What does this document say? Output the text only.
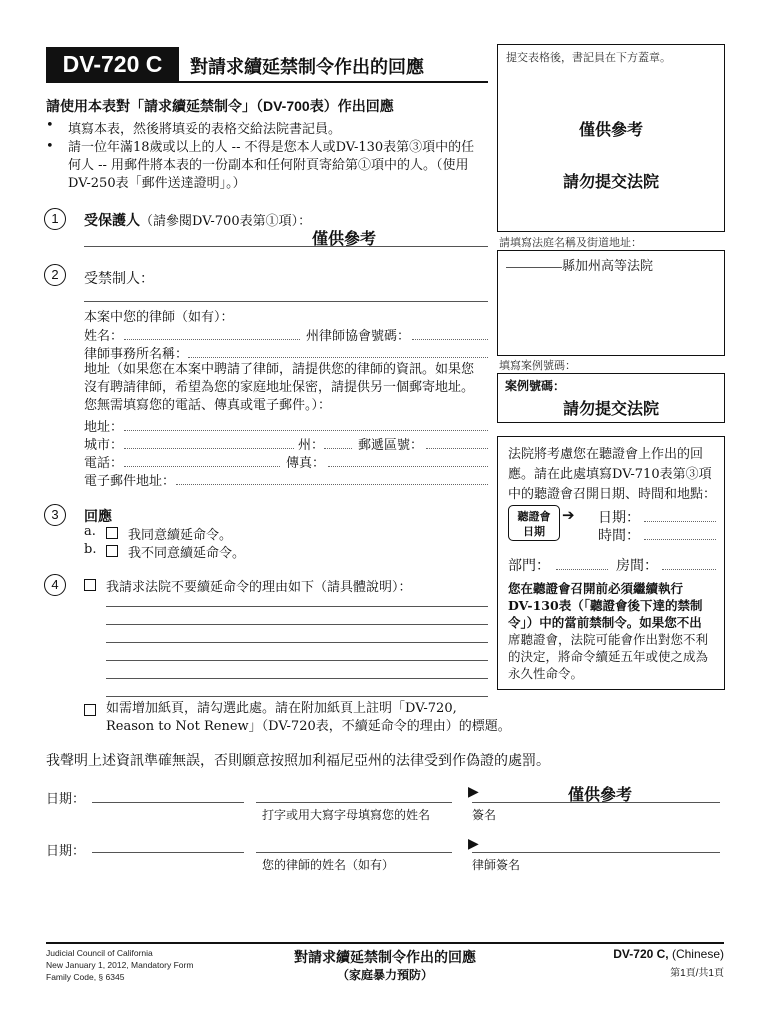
DV-720 C	對請求續延禁制令作出的回應	提交表格後，書記員在下方蓋章。
僅供參考
請勿提交法院
請填寫法庭名稱及街道地址：
縣加州高等法院
填寫案例號碼：
案例號碼：
請勿提交法院
法院將考慮您在聽證會上作出的回
應。請在此處填寫DV-710表第③項
中的聽證會召開日期、時間和地點：
聽證會
日期
➔ 日期：
時間：
部門：	房間：
您在聽證會召開前必須繼續執行
DV-130表（「聽證會後下達的禁制
令」）中的當前禁制令。如果您不出
席聽證會，法院可能會作出對您不利
的決定，將命令續延五年或使之成為
永久性命令。
請使用本表對「請求續延禁制令」（DV-700表）作出回應
• 填寫本表，然後將填妥的表格交給法院書記員。
• 請一位年滿18歲或以上的人 -- 不得是您本人或DV-130表第③項中的任
何人 -- 用郵件將本表的一份副本和任何附頁寄給第①項中的人。（使用
DV-250表「郵件送達證明」。）
1	受保護人（請參閱DV-700表第①項）：
僅供參考
2	受禁制人：
本案中您的律師（如有）：
姓名：	州律師協會號碼：
律師事務所名稱：
地址（如果您在本案中聘請了律師，請提供您的律師的資訊。如果您
沒有聘請律師，希望為您的家庭地址保密，請提供另一個郵寄地址。
您無需填寫您的電話、傳真或電子郵件。）：
地址：
城市：	州：	郵遞區號：
電話：	傳真：
電子郵件地址：
3	回應
a. 我同意續延命令。
b. 我不同意續延命令。
4	我請求法院不要續延命令的理由如下（請具體說明）：
如需增加紙頁，請勾選此處。請在附加紙頁上註明「DV-720,
Reason to Not Renew」（DV-720表，不續延命令的理由）的標題。
我聲明上述資訊準確無誤，否則願意按照加利福尼亞州的法律受到作偽證的處罰。
日期：
打字或用大寫字母填寫您的姓名
▶	僅供參考
簽名
日期：
您的律師的姓名（如有）
▶
律師簽名
Judicial Council of California
New January 1, 2012, Mandatory Form
Family Code, § 6345
對請求續延禁制令作出的回應
（家庭暴力預防）
DV-720 C, (Chinese)
第1頁/共1頁
